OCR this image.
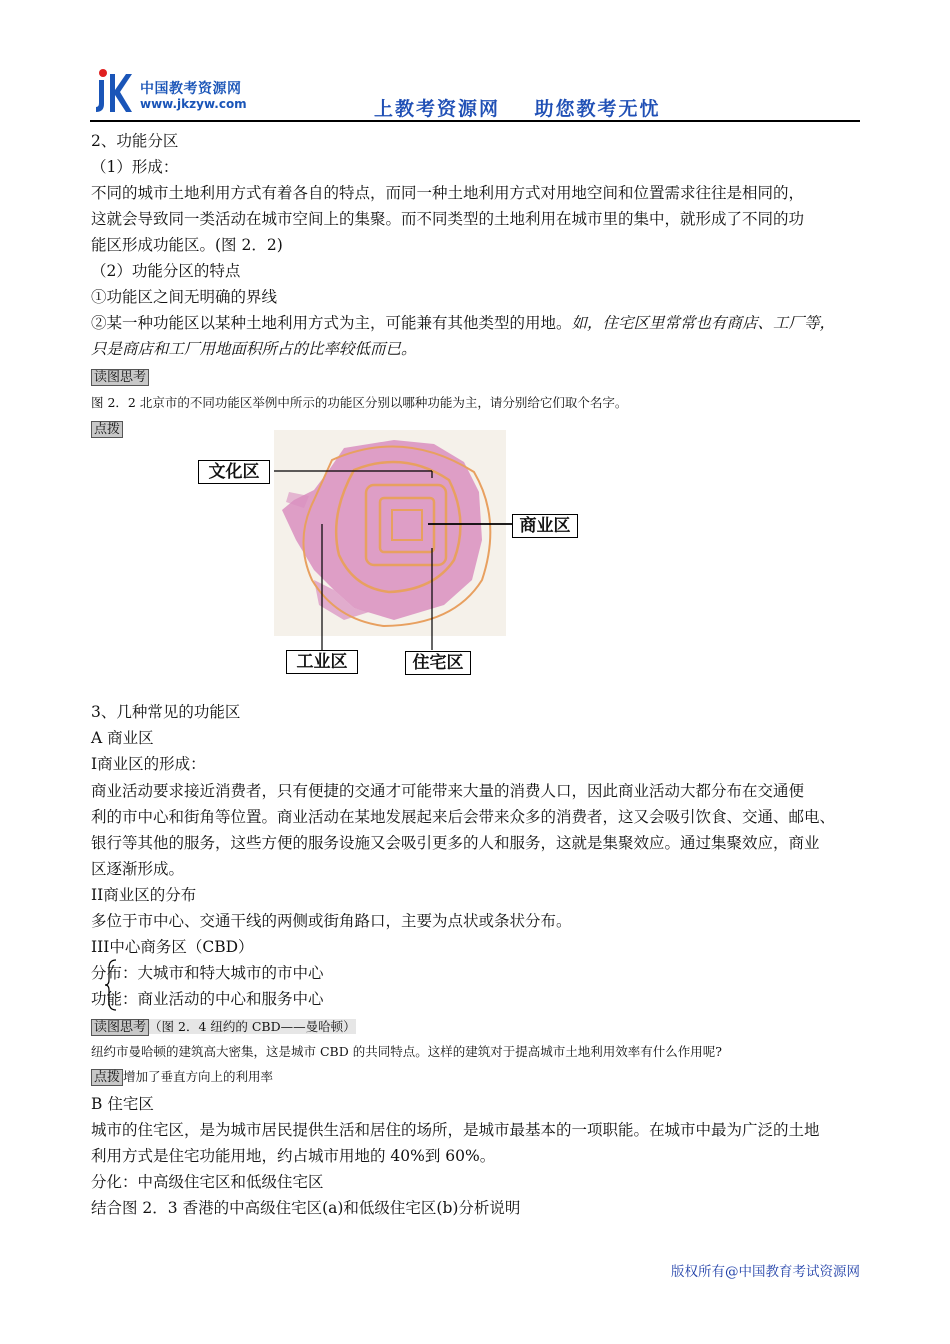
中国教考资源网
www.jkzyw.com	上教考资源网    助您教考无忧
2、功能分区
（1）形成：
不同的城市土地利用方式有着各自的特点，而同一种土地利用方式对用地空间和位置需求往往是相同的，
这就会导致同一类活动在城市空间上的集聚。而不同类型的土地利用在城市里的集中，就形成了不同的功
能区形成功能区。(图 2．2)
（2）功能分区的特点
①功能区之间无明确的界线
②某一种功能区以某种土地利用方式为主，可能兼有其他类型的用地。如，住宅区里常常也有商店、工厂等，
只是商店和工厂用地面积所占的比率较低而已。
读图思考
图 2．2 北京市的不同功能区举例中所示的功能区分别以哪种功能为主，请分别给它们取个名字。
点拨
文化区
商业区
工业区	住宅区
3、几种常见的功能区
A 商业区
I商业区的形成：
商业活动要求接近消费者，只有便捷的交通才可能带来大量的消费人口，因此商业活动大都分布在交通便
利的市中心和街角等位置。商业活动在某地发展起来后会带来众多的消费者，这又会吸引饮食、交通、邮电、
银行等其他的服务，这些方便的服务设施又会吸引更多的人和服务，这就是集聚效应。通过集聚效应，商业
区逐渐形成。
II商业区的分布
多位于市中心、交通干线的两侧或街角路口，主要为点状或条状分布。
III中心商务区（CBD）
分布：大城市和特大城市的市中心
功能：商业活动的中心和服务中心
读图思考 （图 2．4 纽约的 CBD——曼哈顿）
纽约市曼哈顿的建筑高大密集，这是城市 CBD 的共同特点。这样的建筑对于提高城市土地利用效率有什么作用呢?
点拨 增加了垂直方向上的利用率
B 住宅区
城市的住宅区，是为城市居民提供生活和居住的场所，是城市最基本的一项职能。在城市中最为广泛的土地
利用方式是住宅功能用地，约占城市用地的 40%到 60%。
分化：中高级住宅区和低级住宅区
结合图 2．3 香港的中高级住宅区(a)和低级住宅区(b)分析说明
版权所有@中国教育考试资源网
